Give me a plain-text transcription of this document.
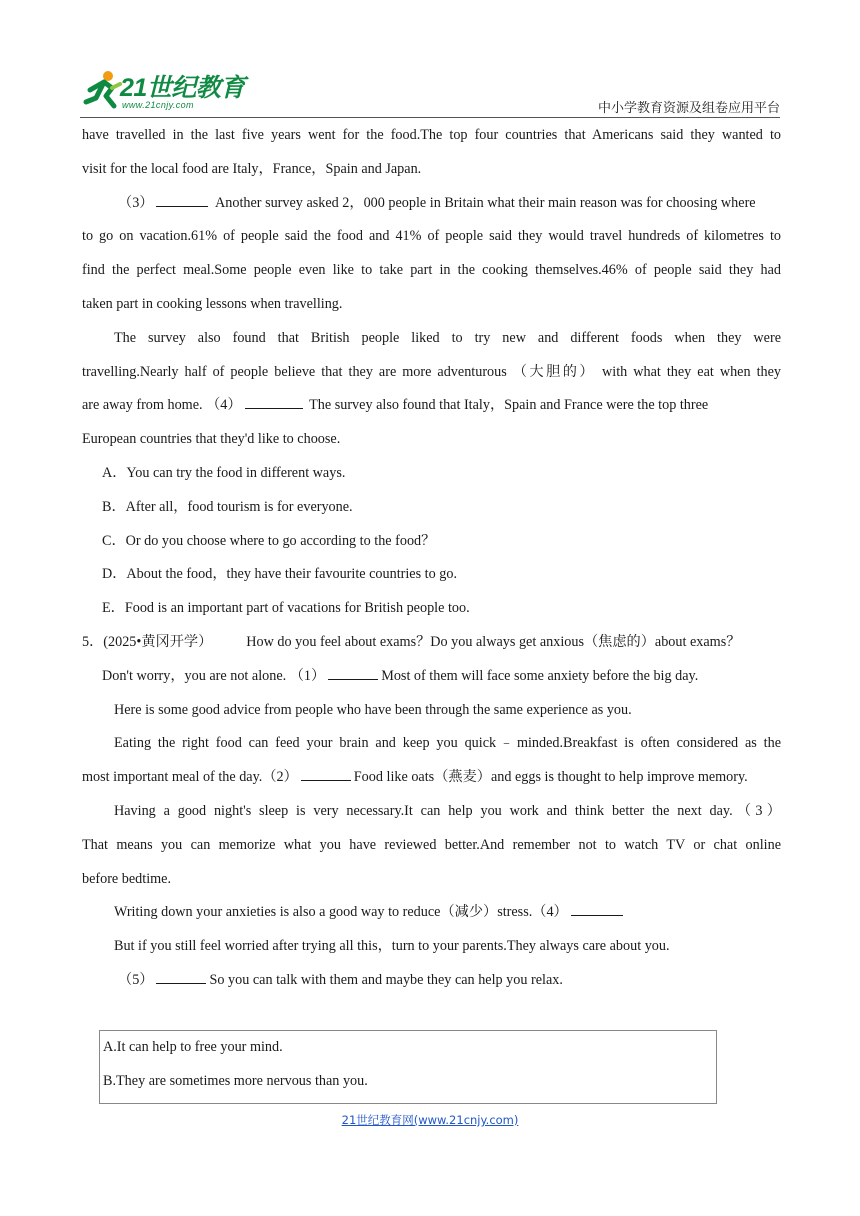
21世纪教育
www.21cnjy.com	中小学教育资源及组卷应用平台
have travelled in the last five years went for the food.The top four countries that Americans said they wanted to
visit for the local food are Italy，France，Spain and Japan.
（3）	Another survey asked 2，000 people in Britain what their main reason was for choosing where
to go on vacation.61% of people said the food and 41% of people said they would travel hundreds of kilometres to
find the perfect meal.Some people even like to take part in the cooking themselves.46% of people said they had
taken part in cooking lessons when travelling.
The survey also found that British people liked to try new and different foods when they were
travelling.Nearly half of people believe that they are more adventurous （大胆的） with what they eat when they
are away from home. （4）	The survey also found that Italy，Spain and France were the top three
European countries that they'd like to choose.
A．You can try the food in different ways.
B．After all，food tourism is for everyone.
C．Or do you choose where to go according to the food？
D．About the food，they have their favourite countries to go.
E．Food is an important part of vacations for British people too.
5．(2025•黄冈开学） How do you feel about exams？Do you always get anxious（焦虑的）about exams？
Don't worry，you are not alone. （1）	Most of them will face some anxiety before the big day.
Here is some good advice from people who have been through the same experience as you.
Eating the right food can feed your brain and keep you quick﹣minded.Breakfast is often considered as the
most important meal of the day.（2）	Food like oats（燕麦）and eggs is thought to help improve memory.
Having a good night's sleep is very necessary.It can help you work and think better the next day.（3）
That means you can memorize what you have reviewed better.And remember not to watch TV or chat online
before bedtime.
Writing down your anxieties is also a good way to reduce（减少）stress.（4）
But if you still feel worried after trying all this，turn to your parents.They always care about you.
（5）	So you can talk with them and maybe they can help you relax.
A.It can help to free your mind.
B.They are sometimes more nervous than you.
21世纪教育网(www.21cnjy.com)
